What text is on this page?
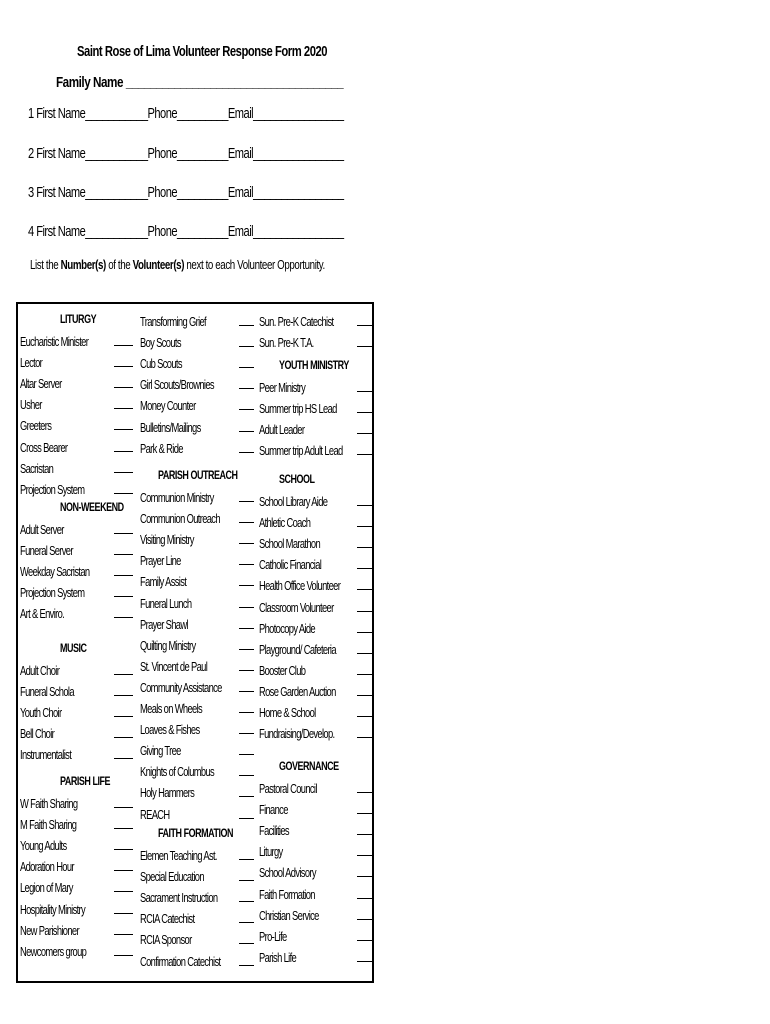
Saint Rose of Lima Volunteer Response Form 2020
Family Name ____________________________________
1 First Name___________Phone_________Email________________
2 First Name___________Phone_________Email________________
3 First Name___________Phone_________Email________________
4 First Name___________Phone_________Email________________
List the Number(s) of the Volunteer(s) next to each Volunteer Opportunity.
LITURGY
Eucharistic Minister
Lector
Altar Server
Usher
Greeters
Cross Bearer
Sacristan
Projection System
NON-WEEKEND
Adult Server
Funeral Server
Weekday Sacristan
Projection System
Art & Enviro.
MUSIC
Adult Choir
Funeral Schola
Youth Choir
Bell Choir
Instrumentalist
PARISH LIFE
W Faith Sharing
M Faith Sharing
Young Adults
Adoration Hour
Legion of Mary
Hospitality Ministry
New Parishioner
Newcomers group
Transforming Grief
Boy Scouts
Cub Scouts
Girl Scouts/Brownies
Money Counter
Bulletins/Mailings
Park & Ride
PARISH OUTREACH
Communion Ministry
Communion Outreach
Visiting Ministry
Prayer Line
Family Assist
Funeral Lunch
Prayer Shawl
Quilting Ministry
St. Vincent de Paul
Community Assistance
Meals on Wheels
Loaves & Fishes
Giving Tree
Knights of Columbus
Holy Hammers
REACH
FAITH FORMATION
Elemen Teaching Ast.
Special Education
Sacrament Instruction
RCIA Catechist
RCIA Sponsor
Confirmation Catechist
Sun. Pre-K Catechist
Sun. Pre-K T.A.
YOUTH MINISTRY
Peer Ministry
Summer trip HS Lead
Adult Leader
Summer trip Adult Lead
SCHOOL
School Library Aide
Athletic Coach
School Marathon
Catholic Financial
Health Office Volunteer
Classroom Volunteer
Photocopy Aide
Playground/ Cafeteria
Booster Club
Rose Garden Auction
Home & School
Fundraising/Develop.
GOVERNANCE
Pastoral Council
Finance
Facilities
Liturgy
School Advisory
Faith Formation
Christian Service
Pro-Life
Parish Life
